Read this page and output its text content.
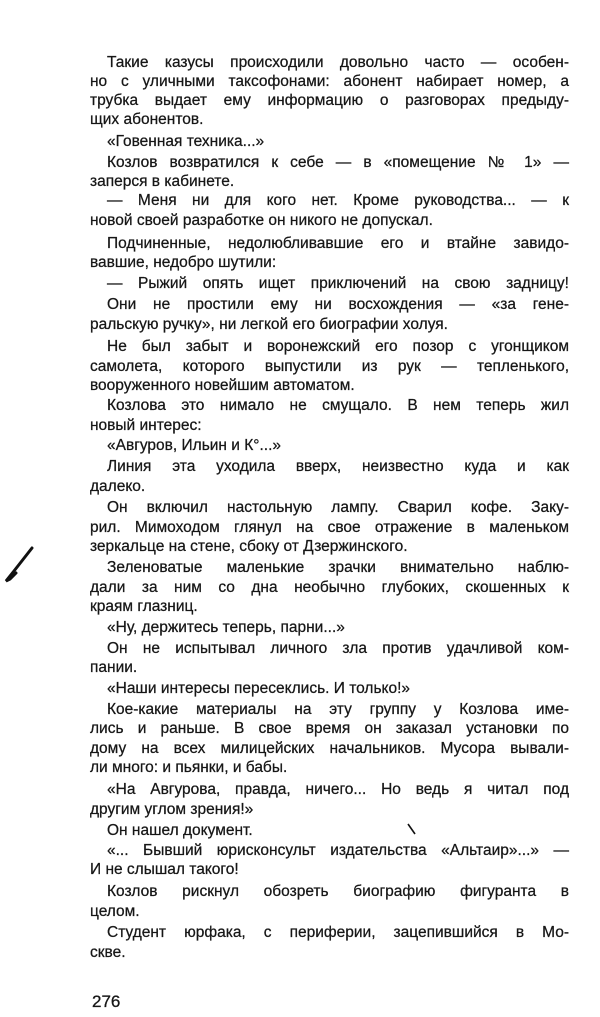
276
Такие казусы происходили довольно часто — особен-
но с уличными таксофонами: абонент набирает номер, а
трубка выдает ему информацию о разговорах предыду-
щих абонентов.
«Говенная техника...»
Козлов возвратился к себе — в «помещение № 1» —
заперся в кабинете.
— Меня ни для кого нет. Кроме руководства... — к
новой своей разработке он никого не допускал.
Подчиненные, недолюбливавшие его и втайне завидо-
вавшие, недобро шутили:
— Рыжий опять ищет приключений на свою задницу!
Они не простили ему ни восхождения — «за гене-
ральскую ручку», ни легкой его биографии холуя.
Не был забыт и воронежский его позор с угонщиком
самолета, которого выпустили из рук — тепленького,
вооруженного новейшим автоматом.
Козлова это нимало не смущало. В нем теперь жил
новый интерес:
«Авгуров, Ильин и К°...»
Линия эта уходила вверх, неизвестно куда и как
далеко.
Он включил настольную лампу. Сварил кофе. Заку-
рил. Мимоходом глянул на свое отражение в маленьком
зеркальце на стене, сбоку от Дзержинского.
Зеленоватые маленькие зрачки внимательно наблю-
дали за ним со дна необычно глубоких, скошенных к
краям глазниц.
«Ну, держитесь теперь, парни...»
Он не испытывал личного зла против удачливой ком-
пании.
«Наши интересы пересеклись. И только!»
Кое-какие материалы на эту группу у Козлова име-
лись и раньше. В свое время он заказал установки по
дому на всех милицейских начальников. Мусора вывали-
ли много: и пьянки, и бабы.
«На Авгурова, правда, ничего... Но ведь я читал под
другим углом зрения!»
Он нашел документ.
«... Бывший юрисконсульт издательства «Альтаир»...» —
И не слышал такого!
Козлов рискнул обозреть биографию фигуранта в
целом.
Студент юрфака, с периферии, зацепившийся в Мо-
скве.
